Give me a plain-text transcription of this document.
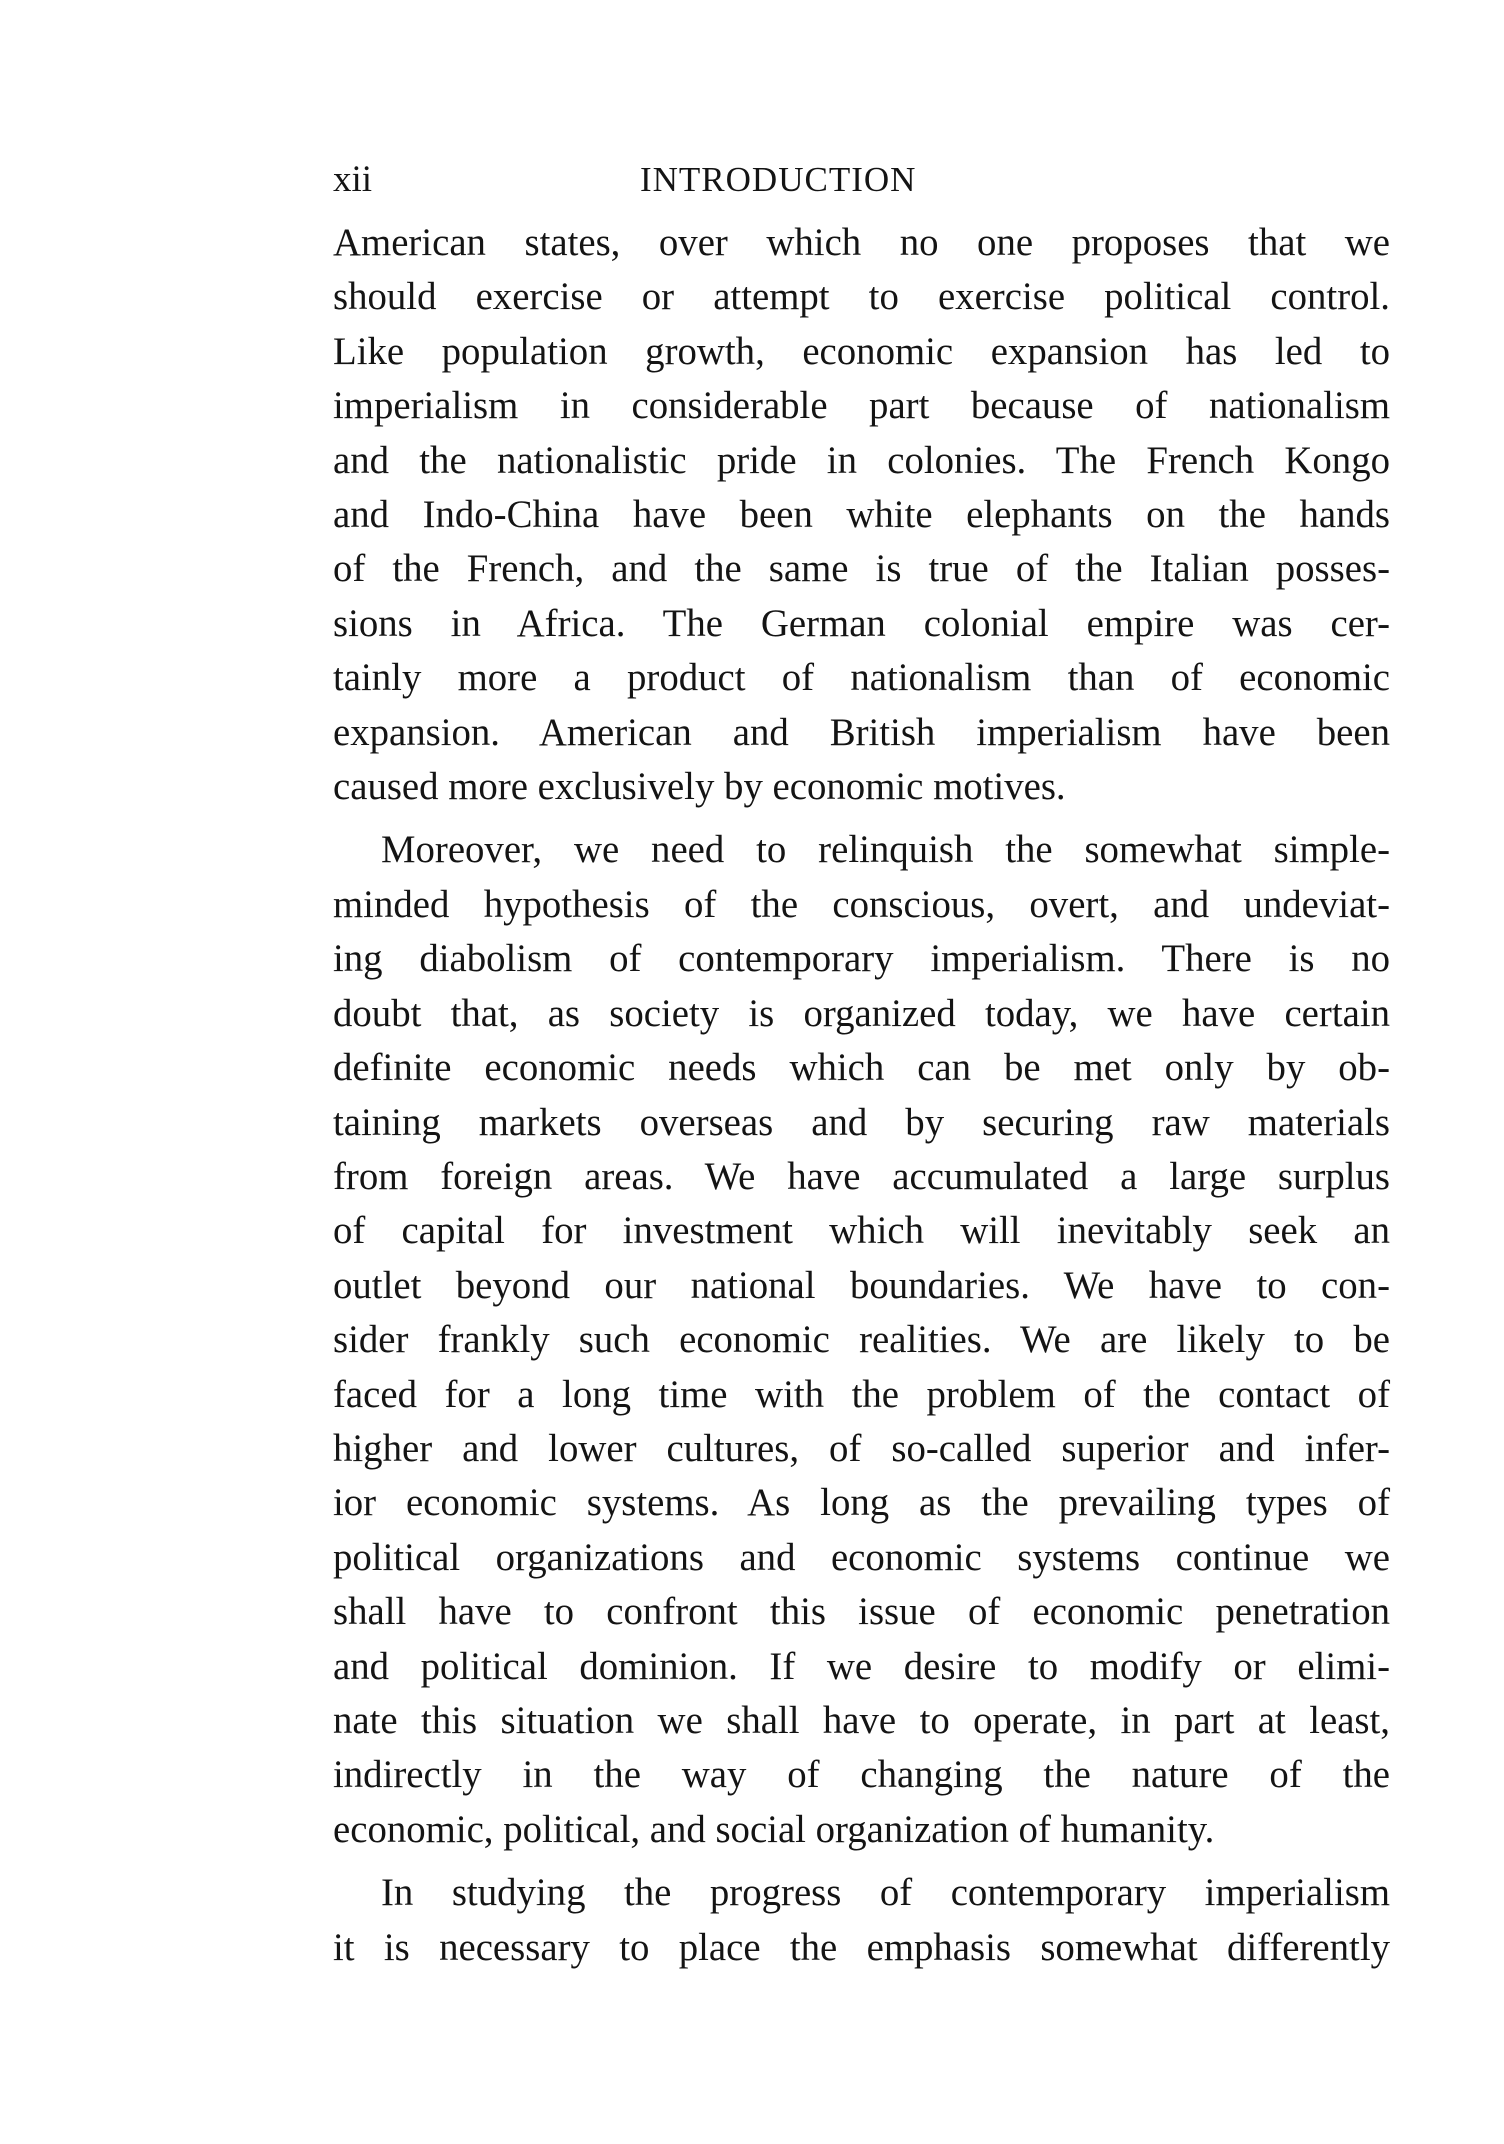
xii	INTRODUCTION

American states, over which no one proposes that we
should exercise or attempt to exercise political control.
Like population growth, economic expansion has led to
imperialism in considerable part because of nationalism
and the nationalistic pride in colonies. The French Kongo
and Indo-China have been white elephants on the hands
of the French, and the same is true of the Italian posses-
sions in Africa. The German colonial empire was cer-
tainly more a product of nationalism than of economic
expansion. American and British imperialism have been
caused more exclusively by economic motives.

Moreover, we need to relinquish the somewhat simple-
minded hypothesis of the conscious, overt, and undeviat-
ing diabolism of contemporary imperialism. There is no
doubt that, as society is organized today, we have certain
definite economic needs which can be met only by ob-
taining markets overseas and by securing raw materials
from foreign areas. We have accumulated a large surplus
of capital for investment which will inevitably seek an
outlet beyond our national boundaries. We have to con-
sider frankly such economic realities. We are likely to be
faced for a long time with the problem of the contact of
higher and lower cultures, of so-called superior and infer-
ior economic systems. As long as the prevailing types of
political organizations and economic systems continue we
shall have to confront this issue of economic penetration
and political dominion. If we desire to modify or elimi-
nate this situation we shall have to operate, in part at least,
indirectly in the way of changing the nature of the
economic, political, and social organization of humanity.

In studying the progress of contemporary imperialism
it is necessary to place the emphasis somewhat differently
